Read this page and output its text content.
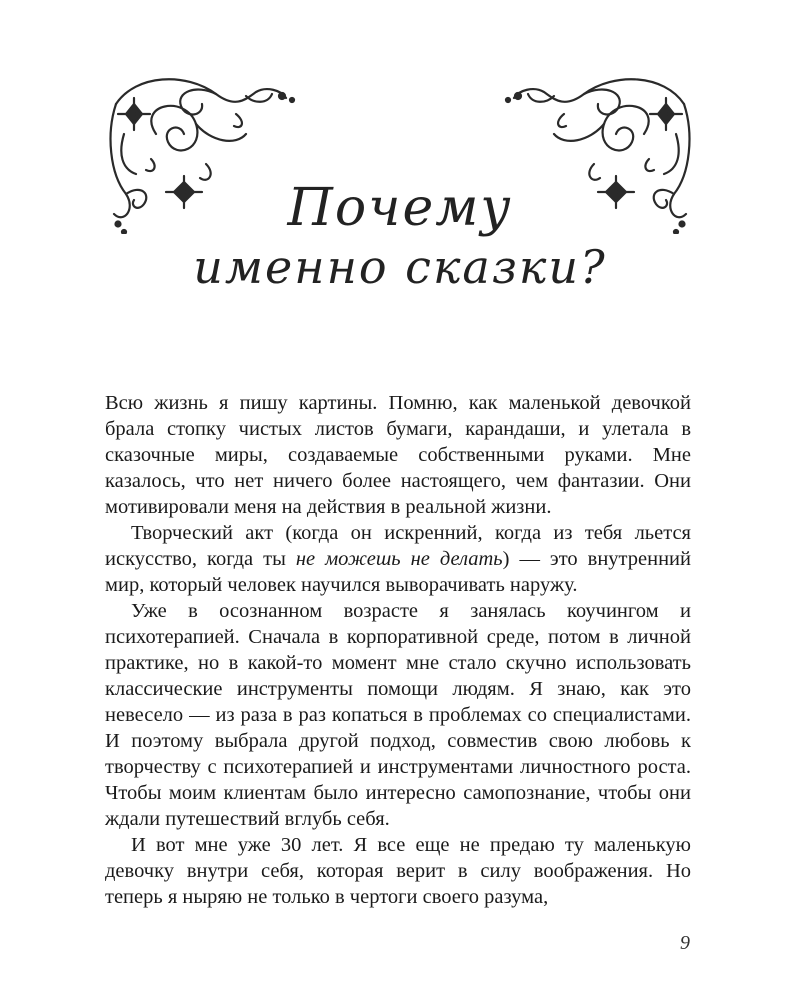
Почему
именно сказки?

Всю жизнь я пишу картины. Помню, как маленькой девочкой брала стопку чистых листов бумаги, карандаши, и улетала в сказочные миры, создаваемые собственными руками. Мне казалось, что нет ничего более настоящего, чем фантазии. Они мотивировали меня на действия в реальной жизни.

Творческий акт (когда он искренний, когда из тебя льется искусство, когда ты не можешь не делать) — это внутренний мир, который человек научился выворачивать наружу.

Уже в осознанном возрасте я занялась коучингом и психотерапией. Сначала в корпоративной среде, потом в личной практике, но в какой-то момент мне стало скучно использовать классические инструменты помощи людям. Я знаю, как это невесело — из раза в раз копаться в проблемах со специалистами. И поэтому выбрала другой подход, совместив свою любовь к творчеству с психотерапией и инструментами личностного роста. Чтобы моим клиентам было интересно самопознание, чтобы они ждали путешествий вглубь себя.

И вот мне уже 30 лет. Я все еще не предаю ту маленькую девочку внутри себя, которая верит в силу воображения. Но теперь я ныряю не только в чертоги своего разума,

9
